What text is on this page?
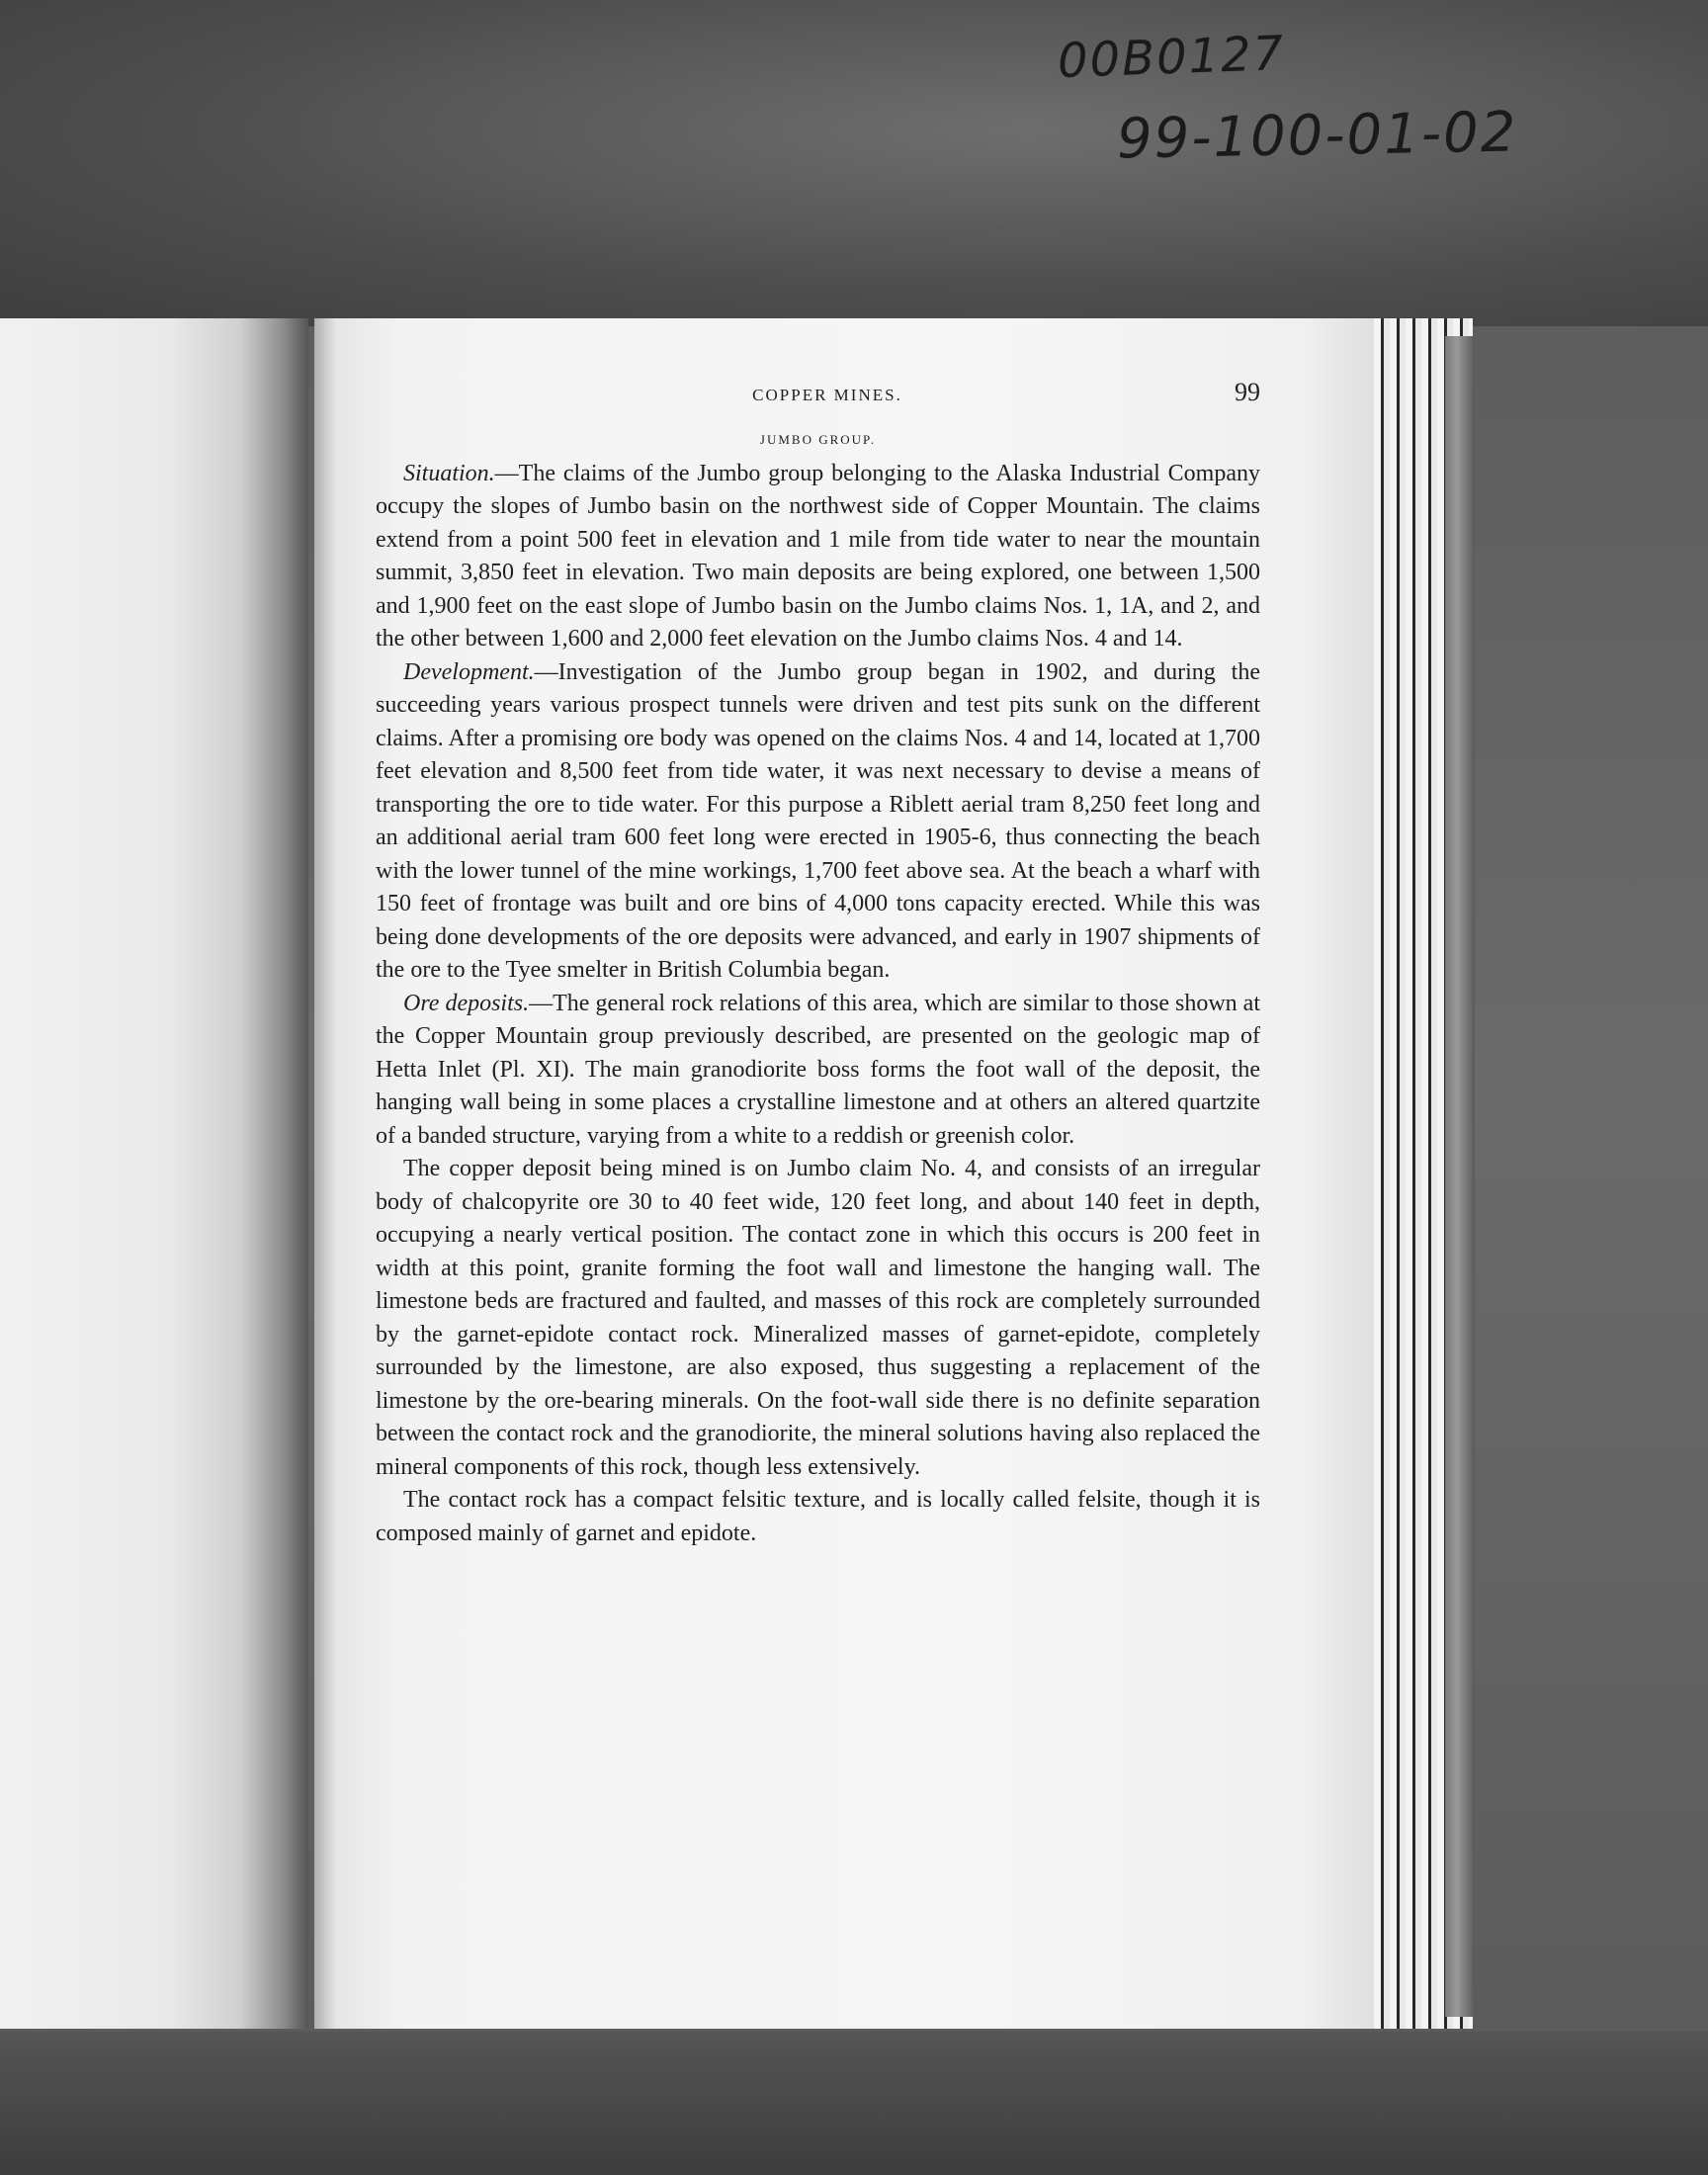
00B0127
99-100-01-02
COPPER MINES.	99
JUMBO GROUP.

Situation.—The claims of the Jumbo group belonging to the Alaska Industrial Company occupy the slopes of Jumbo basin on the northwest side of Copper Mountain. The claims extend from a point 500 feet in elevation and 1 mile from tide water to near the mountain summit, 3,850 feet in elevation. Two main deposits are being explored, one between 1,500 and 1,900 feet on the east slope of Jumbo basin on the Jumbo claims Nos. 1, 1A, and 2, and the other between 1,600 and 2,000 feet elevation on the Jumbo claims Nos. 4 and 14.

Development.—Investigation of the Jumbo group began in 1902, and during the succeeding years various prospect tunnels were driven and test pits sunk on the different claims. After a promising ore body was opened on the claims Nos. 4 and 14, located at 1,700 feet elevation and 8,500 feet from tide water, it was next necessary to devise a means of transporting the ore to tide water. For this purpose a Riblett aerial tram 8,250 feet long and an additional aerial tram 600 feet long were erected in 1905-6, thus connecting the beach with the lower tunnel of the mine workings, 1,700 feet above sea. At the beach a wharf with 150 feet of frontage was built and ore bins of 4,000 tons capacity erected. While this was being done developments of the ore deposits were advanced, and early in 1907 shipments of the ore to the Tyee smelter in British Columbia began.

Ore deposits.—The general rock relations of this area, which are similar to those shown at the Copper Mountain group previously described, are presented on the geologic map of Hetta Inlet (Pl. XI). The main granodiorite boss forms the foot wall of the deposit, the hanging wall being in some places a crystalline limestone and at others an altered quartzite of a banded structure, varying from a white to a reddish or greenish color.

The copper deposit being mined is on Jumbo claim No. 4, and consists of an irregular body of chalcopyrite ore 30 to 40 feet wide, 120 feet long, and about 140 feet in depth, occupying a nearly vertical position. The contact zone in which this occurs is 200 feet in width at this point, granite forming the foot wall and limestone the hanging wall. The limestone beds are fractured and faulted, and masses of this rock are completely surrounded by the garnet-epidote contact rock. Mineralized masses of garnet-epidote, completely surrounded by the limestone, are also exposed, thus suggesting a replacement of the limestone by the ore-bearing minerals. On the foot-wall side there is no definite separation between the contact rock and the granodiorite, the mineral solutions having also replaced the mineral components of this rock, though less extensively.

The contact rock has a compact felsitic texture, and is locally called felsite, though it is composed mainly of garnet and epidote.
